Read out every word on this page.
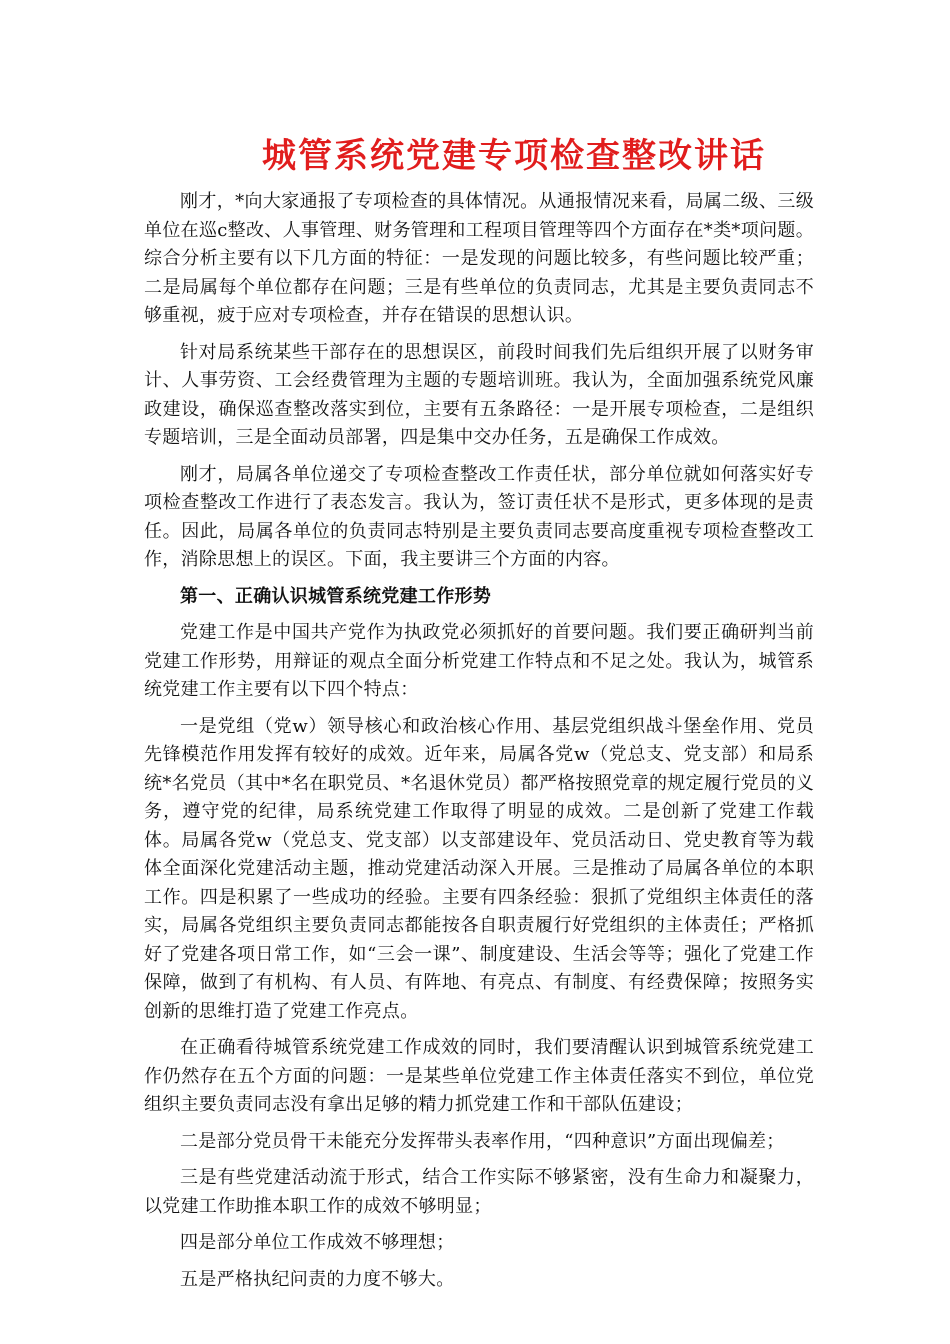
城管系统党建专项检查整改讲话

刚才，*向大家通报了专项检查的具体情况。从通报情况来看，局属二级、三级单位在巡c整改、人事管理、财务管理和工程项目管理等四个方面存在*类*项问题。综合分析主要有以下几方面的特征：一是发现的问题比较多，有些问题比较严重；二是局属每个单位都存在问题；三是有些单位的负责同志，尤其是主要负责同志不够重视，疲于应对专项检查，并存在错误的思想认识。

针对局系统某些干部存在的思想误区，前段时间我们先后组织开展了以财务审计、人事劳资、工会经费管理为主题的专题培训班。我认为，全面加强系统党风廉政建设，确保巡查整改落实到位，主要有五条路径：一是开展专项检查，二是组织专题培训，三是全面动员部署，四是集中交办任务，五是确保工作成效。

刚才，局属各单位递交了专项检查整改工作责任状，部分单位就如何落实好专项检查整改工作进行了表态发言。我认为，签订责任状不是形式，更多体现的是责任。因此，局属各单位的负责同志特别是主要负责同志要高度重视专项检查整改工作，消除思想上的误区。下面，我主要讲三个方面的内容。

第一、正确认识城管系统党建工作形势

党建工作是中国共产党作为执政党必须抓好的首要问题。我们要正确研判当前党建工作形势，用辩证的观点全面分析党建工作特点和不足之处。我认为，城管系统党建工作主要有以下四个特点：

一是党组（党w）领导核心和政治核心作用、基层党组织战斗堡垒作用、党员先锋模范作用发挥有较好的成效。近年来，局属各党w（党总支、党支部）和局系统*名党员（其中*名在职党员、*名退休党员）都严格按照党章的规定履行党员的义务，遵守党的纪律，局系统党建工作取得了明显的成效。二是创新了党建工作载体。局属各党w（党总支、党支部）以支部建设年、党员活动日、党史教育等为载体全面深化党建活动主题，推动党建活动深入开展。三是推动了局属各单位的本职工作。四是积累了一些成功的经验。主要有四条经验：狠抓了党组织主体责任的落实，局属各党组织主要负责同志都能按各自职责履行好党组织的主体责任；严格抓好了党建各项日常工作，如“三会一课”、制度建设、生活会等等；强化了党建工作保障，做到了有机构、有人员、有阵地、有亮点、有制度、有经费保障；按照务实创新的思维打造了党建工作亮点。

在正确看待城管系统党建工作成效的同时，我们要清醒认识到城管系统党建工作仍然存在五个方面的问题：一是某些单位党建工作主体责任落实不到位，单位党组织主要负责同志没有拿出足够的精力抓党建工作和干部队伍建设；

二是部分党员骨干未能充分发挥带头表率作用，“四种意识”方面出现偏差；

三是有些党建活动流于形式，结合工作实际不够紧密，没有生命力和凝聚力，以党建工作助推本职工作的成效不够明显；

四是部分单位工作成效不够理想；

五是严格执纪问责的力度不够大。
